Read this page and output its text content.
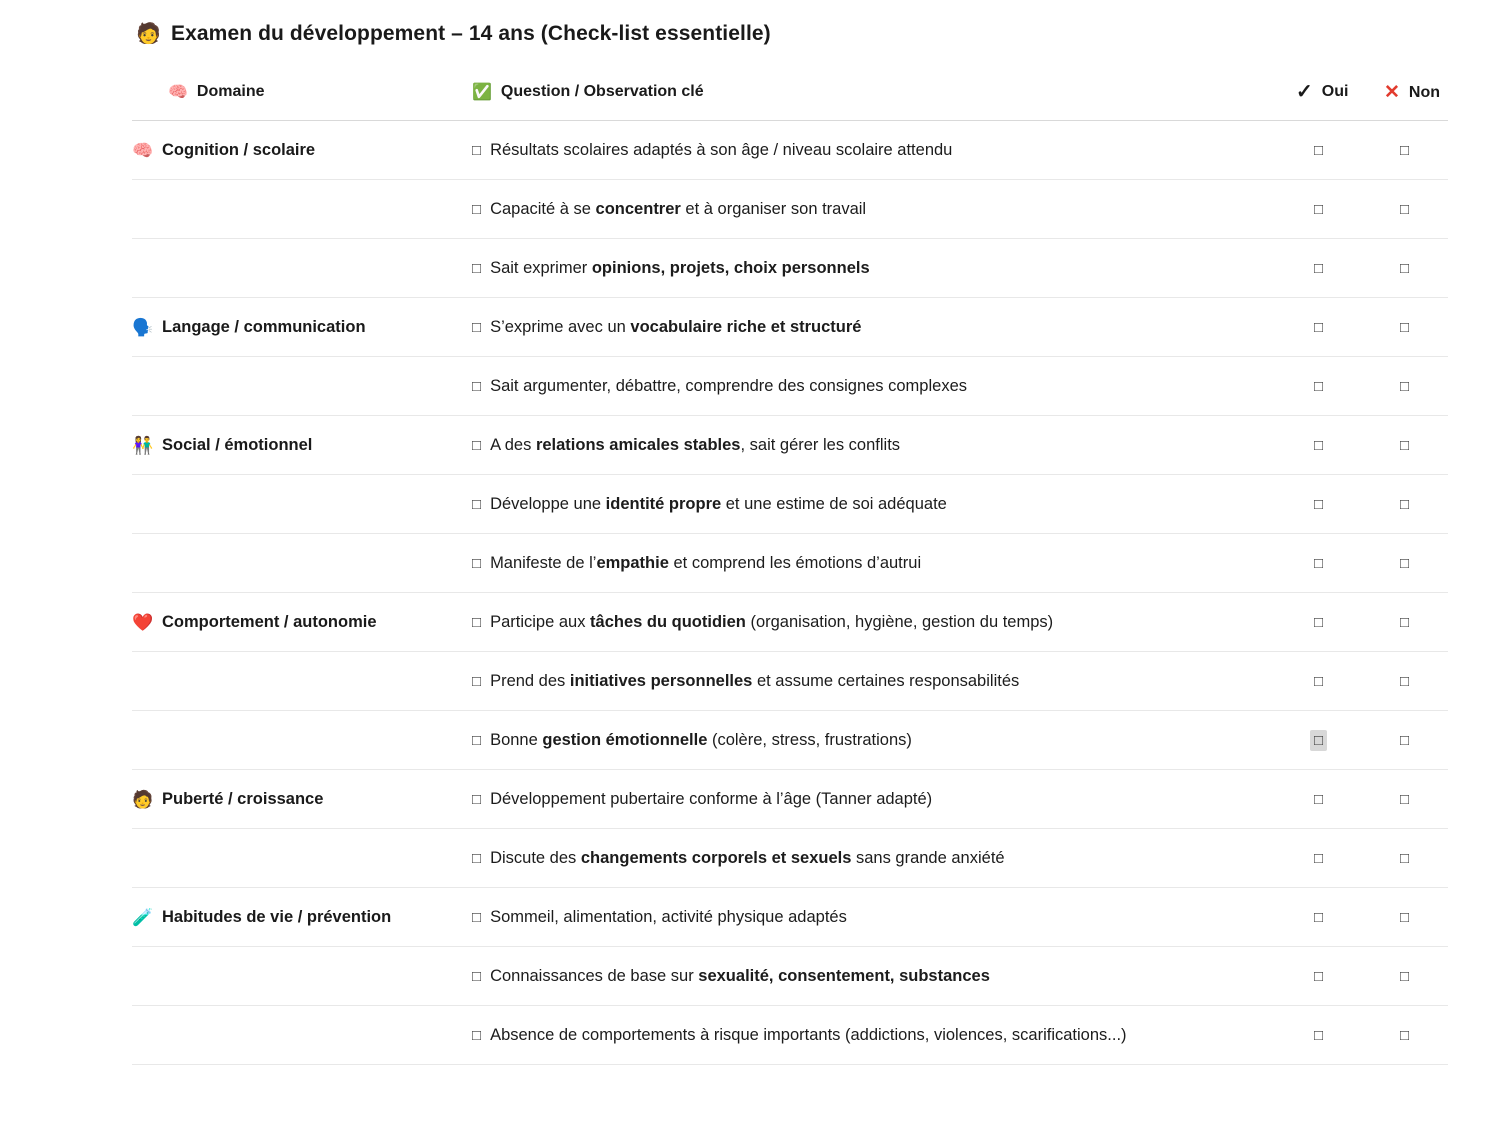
🧑 Examen du développement – 14 ans (Check-list essentielle)
🧠 Domaine	✅ Question / Observation clé	✓ Oui	✕ Non

🧠 Cognition / scolaire	□ Résultats scolaires adaptés à son âge / niveau scolaire attendu	□	□

	□ Capacité à se concentrer et à organiser son travail	□	□

	□ Sait exprimer opinions, projets, choix personnels	□	□

🗣️ Langage / communication	□ S’exprime avec un vocabulaire riche et structuré	□	□

	□ Sait argumenter, débattre, comprendre des consignes complexes	□	□

👫 Social / émotionnel	□ A des relations amicales stables, sait gérer les conflits	□	□

	□ Développe une identité propre et une estime de soi adéquate	□	□

	□ Manifeste de l’empathie et comprend les émotions d’autrui	□	□

❤️ Comportement / autonomie	□ Participe aux tâches du quotidien (organisation, hygiène, gestion du temps)	□	□

	□ Prend des initiatives personnelles et assume certaines responsabilités	□	□

	□ Bonne gestion émotionnelle (colère, stress, frustrations)	□	□

🧑 Puberté / croissance	□ Développement pubertaire conforme à l’âge (Tanner adapté)	□	□

	□ Discute des changements corporels et sexuels sans grande anxiété	□	□

🧪 Habitudes de vie / prévention	□ Sommeil, alimentation, activité physique adaptés	□	□

	□ Connaissances de base sur sexualité, consentement, substances	□	□

	□ Absence de comportements à risque importants (addictions, violences, scarifications...)	□	□
